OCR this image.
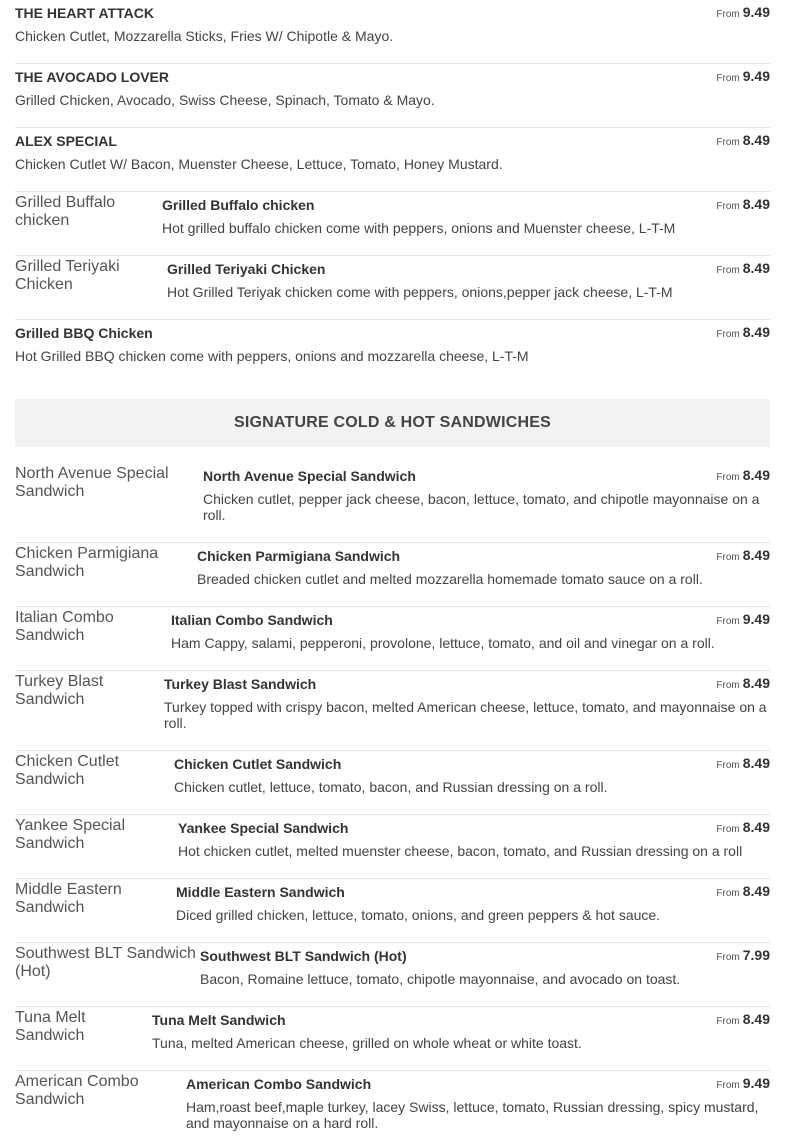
THE HEART ATTACK
Chicken Cutlet, Mozzarella Sticks, Fries W/ Chipotle & Mayo.
From 9.49
THE AVOCADO LOVER
Grilled Chicken, Avocado, Swiss Cheese, Spinach, Tomato & Mayo.
From 9.49
ALEX SPECIAL
Chicken Cutlet W/ Bacon, Muenster Cheese, Lettuce, Tomato, Honey Mustard.
From 8.49
Grilled Buffalo chicken
Grilled Buffalo chicken
Hot grilled buffalo chicken come with peppers, onions and Muenster cheese, L-T-M
From 8.49
Grilled Teriyaki Chicken
Grilled Teriyaki Chicken
Hot Grilled Teriyak chicken come with peppers, onions,pepper jack cheese, L-T-M
From 8.49
Grilled BBQ Chicken
Hot Grilled BBQ chicken come with peppers, onions and mozzarella cheese, L-T-M
From 8.49
SIGNATURE COLD & HOT SANDWICHES
North Avenue Special Sandwich
North Avenue Special Sandwich
Chicken cutlet, pepper jack cheese, bacon, lettuce, tomato, and chipotle mayonnaise on a roll.
From 8.49
Chicken Parmigiana Sandwich
Chicken Parmigiana Sandwich
Breaded chicken cutlet and melted mozzarella homemade tomato sauce on a roll.
From 8.49
Italian Combo Sandwich
Italian Combo Sandwich
Ham Cappy, salami, pepperoni, provolone, lettuce, tomato, and oil and vinegar on a roll.
From 9.49
Turkey Blast Sandwich
Turkey Blast Sandwich
Turkey topped with crispy bacon, melted American cheese, lettuce, tomato, and mayonnaise on a roll.
From 8.49
Chicken Cutlet Sandwich
Chicken Cutlet Sandwich
Chicken cutlet, lettuce, tomato, bacon, and Russian dressing on a roll.
From 8.49
Yankee Special Sandwich
Yankee Special Sandwich
Hot chicken cutlet, melted muenster cheese, bacon, tomato, and Russian dressing on a roll
From 8.49
Middle Eastern Sandwich
Middle Eastern Sandwich
Diced grilled chicken, lettuce, tomato, onions, and green peppers & hot sauce.
From 8.49
Southwest BLT Sandwich (Hot)
Southwest BLT Sandwich (Hot)
Bacon, Romaine lettuce, tomato, chipotle mayonnaise, and avocado on toast.
From 7.99
Tuna Melt Sandwich
Tuna Melt Sandwich
Tuna, melted American cheese, grilled on whole wheat or white toast.
From 8.49
American Combo Sandwich
American Combo Sandwich
Ham,roast beef,maple turkey, lacey Swiss, lettuce, tomato, Russian dressing, spicy mustard, and mayonnaise on a hard roll.
From 9.49
